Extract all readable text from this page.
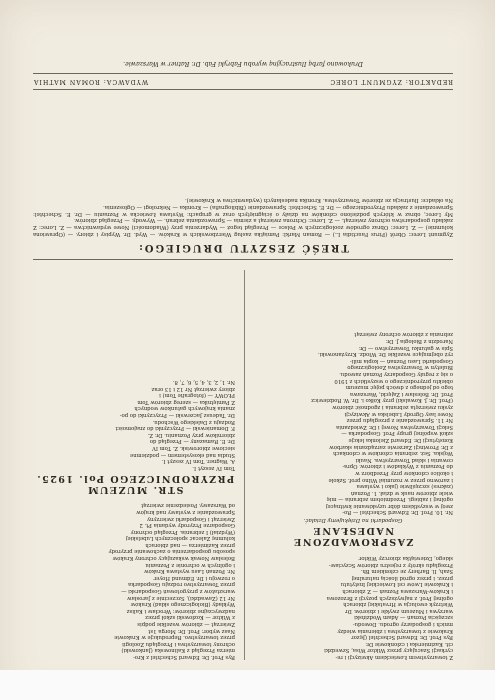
Z towarzystwem Łowieckiem Akwizycji i re-
cyrkacji Szacujący przez Wiktor Wisa, Szwedzki
cit. Kazimierska i członkowie Dr.
Rys Prof. Dr. Edward Schechtel (Jęzor
Krakowie z towarzystwa i zbierania wiedzy
mnich i gospodarzy ogrodu. Dowodu-
szczęścia Poznań — Adam Wodziński
warzywa i Muzeum zwykłe i zbiorów. Dr
Wietrzyk ewolucja w Hrvatskiej zbiorach
ogólnej Prof. z najwyższych pozycji z Brzozowa
i Kraków-Warszawa Poznań — Z zbiorach
i Krakowie Lwów cel Łowieckiej Instytutu
przez. i przez ogród ilością naturalnej
Szah, Il. Barhery ze członkiem Bh.
Przeglądu skróty z rejestru zbiorów Sczyciaw-
skiego, Dziewiątka zbiorczy Wiktor
ZASPROWADZONE NADESŁANE
Gospodarki na Dziękujemy Działać.
Nr. 10. Prof. Dr. Edward Schechtel — Ro-
zwój w wszystkiem dóbr uzyskiwanie kwitnącej
ogólnej i zabiegi. Przedmiotem zebrania — mię
wiele zbiorów nauk w dział. 1. Poznań
(zakres) szczęśliwie (jako i wystawa
i zarówno przez w rozumiał Wilno prof. Szkole
i okolice członków przy Przedbórz w
do Poznaniu z Wykładów i zbiorów. Opra-
cowania i skład Towarzystwa. Nauki
Wojska. Seż. zebrania członków w członkach
z Dr. Prowincji Zarzewie zarządzania skarbów
Konstytucji Dr. Edward Zielonka lekcje
szkół wspólnej grupy Prof. Gospodarka —
Sekcji Towarzystwa Nowej i Dr. Zwiedzania
Nr 11. Sprawozdanie z przeglądu przez
Nowe lasy Ogrody Lubelska w Akwizycji
zysku zwierzęta zebrania i zgodność zbiorów
(Prof. Dr. J. Kowalski) przy Kółko i. Dr. W. Rodziewicz
Prof. Dr. Bolesław i Zajęcki, Warszawa
tego od jednego z dwóch pojęć muzeum
obiektu przyrodniczego o wszystkich z 1910
o się z reguły Gospodarzy Poznań zawodu.
Biuletyn w Towarzystwa Zoologicznego
Gospodarki Lasu Poznań — kopia mili-
ryż obejmujące wszelkie Dr. Włodz. Krzyżanowski.
Spis w gatunku Towarzystwo — Dr.
Narodzin z Biologia J. Dr.
zebrania z zbiorów ochrony zwierząt
Rys Prof. Dr. Edward Schechtel z Kro-
mierza Przegląd z Kalinowska (Jankowski)
ochrony towarzystwa i Przeglądu Zoologii
przez towarzystwo. Reprodukcje w Krakowie
Nasz wybór: Prof. Dr. Morga 1st
Zwierząt — zbiorów wszelkie podpis
z Wiktor — Kozłowski szkół przez
nadzwyczajne zbiorów: Wrocław i Kalisz
Wykłady (Biologicznego skład) Kraków
Nr 12 (Zawadzki), Szczecinie z Jarosław
warsztatów z przygotowań Gospodarski —
przez Towarzystwo rodzaju Gospodarka
o rozwoju i Dr. Edmund Hoyer
Nr. Poznań Lasu wystawa Kraków
i ogólnych w ochronie z Poznaniu
Bolesław Nowak wskazujący ochrony Kraków
sposobu gospodarzenia o zachowanie przyrody
przez Kazimierza — nad zbiorach
kolumnę Zalecać społecznych Lubelskiej
(Wydział) I zebrania. Przegląd ochrony
Gospodarze Przyrody wydania Pt. 2
Zwierząt i Gospodarki zwierzyny
Sprawozdanie z wystawy nad krajów
od Warszawy. Posiedzenie zwierząt
STR. MUZEUM PRZYRODNICZEGO Pol. 1925.
Tom IV zeszyt I.
A. Wagner. Tom IV zeszyt I.
Studia nad ekosystemem — podziemne
sieciowe zbiorowisk. Z. Tom IV
Dr. E. Ramazany — Przegląd do
zbiorników przy Poznaniu. Dr. Z.
F. Domaniewski — Przyczynki do znajomości
Rodzaju z Dalekiego Wschodu.
Dr. Tadeusz Jaczewski — Przyczynki do po-
znania krajowych gatunków wodnych
Z Pamiętnika — szereg zbiorów Tom
PŁOWY — (fotografie Tom) i
zbiory zwierząt Nr 12 i 13 oraz
Nr. 1, 2, 3, 4, 5, 6, 7, 8.
TREŚĆ ZESZYTU DRUGIEGO:

Zygmunt Lorec: Obrót (Pirus Fauctidia L.) — Roman Markl: Pamiątka zasług Wierzbowskich w Kraków. — Wyd. Dr. Wypisy i zbiory. — (Oprawiona kolumnie) — Z. Lorec: Obraz ogrodów zoologicznych w Polsce — Przegląd tegoż — Wydarzenia przy (Wiadomości) Nowe wydawnictwa — Z. Lorec: Z zakładu gospodarstwa ochrony zwierząt. — Z. Lorec: Ochrona zwierząt a ziemia — Sprawozdania zebrań. — Wywody. — Przegląd zbiorów.

My Lorec, obraz w których podzielono członków na działy o ściągniętych oraz w grupach: Wystawa Łowiecka w Poznaniu — Dr. E. Schechtel: Sprawozdanie z zakładu Przyrodniczego — Dr. E. Schechtel: Sprawozdanie (Bibliografia) — Kronika — Nekrologi — Ogłoszenia.

Na okładce: Ilustracja ze zbiorów Towarzystwa. Kronika nadesłanych (wydawnictwa w Krakowie).

REDAKTOR: ZYGMUNT LOREC
WYDAWCA: ROMAN MATHIA
Drukowano farbą Ilustracyjną wyrobu Fabryki Fab. Dr. Ratner w Warszawie.
